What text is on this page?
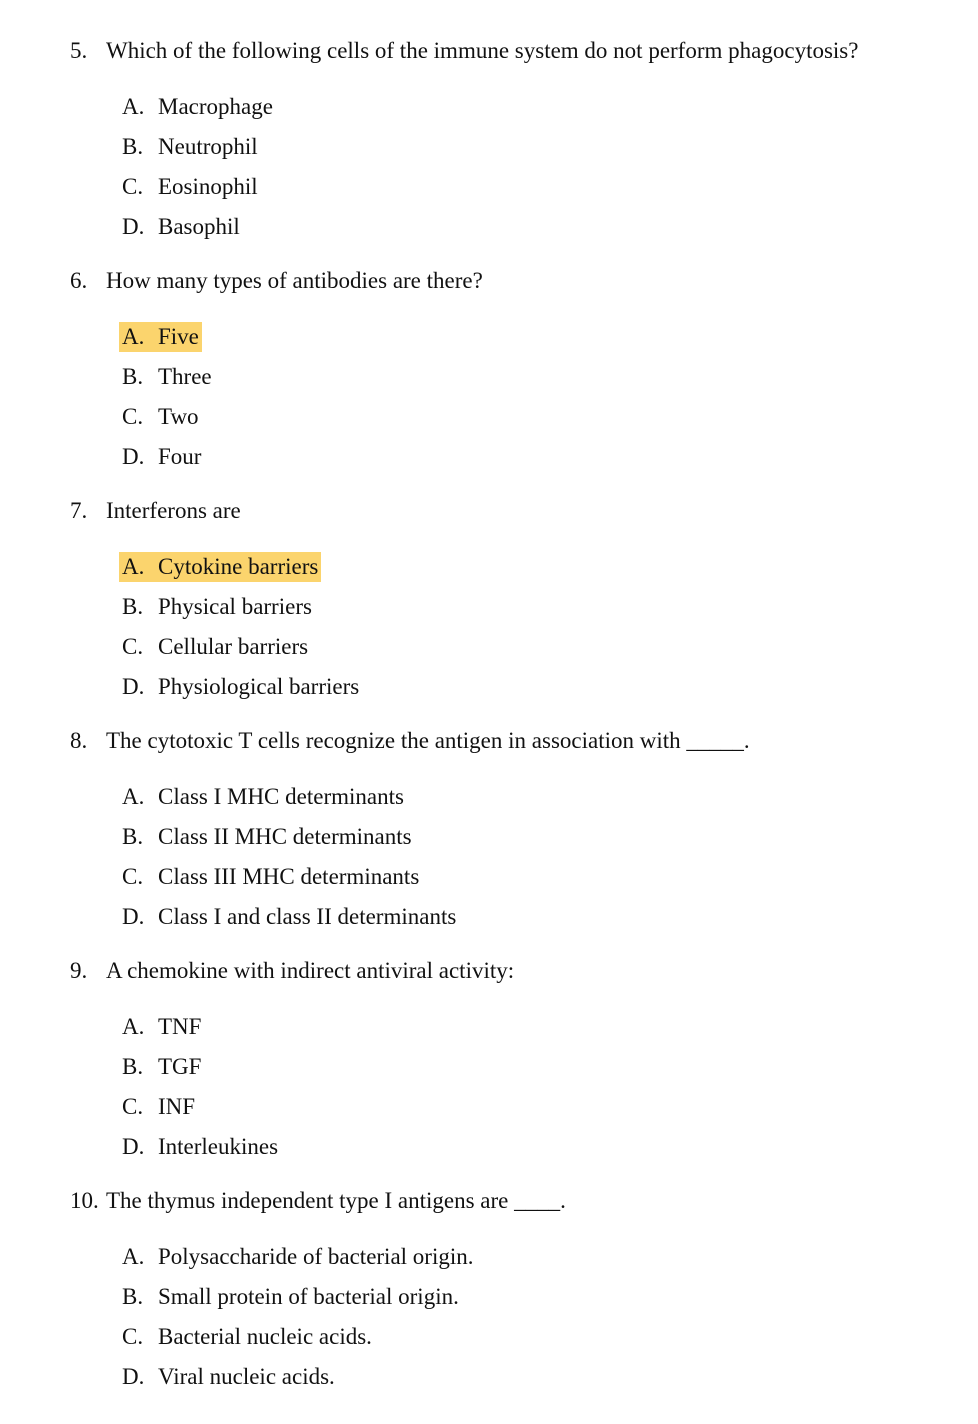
5. Which of the following cells of the immune system do not perform phagocytosis?
A. Macrophage
B. Neutrophil
C. Eosinophil
D. Basophil
6. How many types of antibodies are there?
A. Five
B. Three
C. Two
D. Four
7. Interferons are
A. Cytokine barriers
B. Physical barriers
C. Cellular barriers
D. Physiological barriers
8. The cytotoxic T cells recognize the antigen in association with _____.
A. Class I MHC determinants
B. Class II MHC determinants
C. Class III MHC determinants
D. Class I and class II determinants
9. A chemokine with indirect antiviral activity:
A. TNF
B. TGF
C. INF
D. Interleukines
10. The thymus independent type I antigens are ____.
A. Polysaccharide of bacterial origin.
B. Small protein of bacterial origin.
C. Bacterial nucleic acids.
D. Viral nucleic acids.
